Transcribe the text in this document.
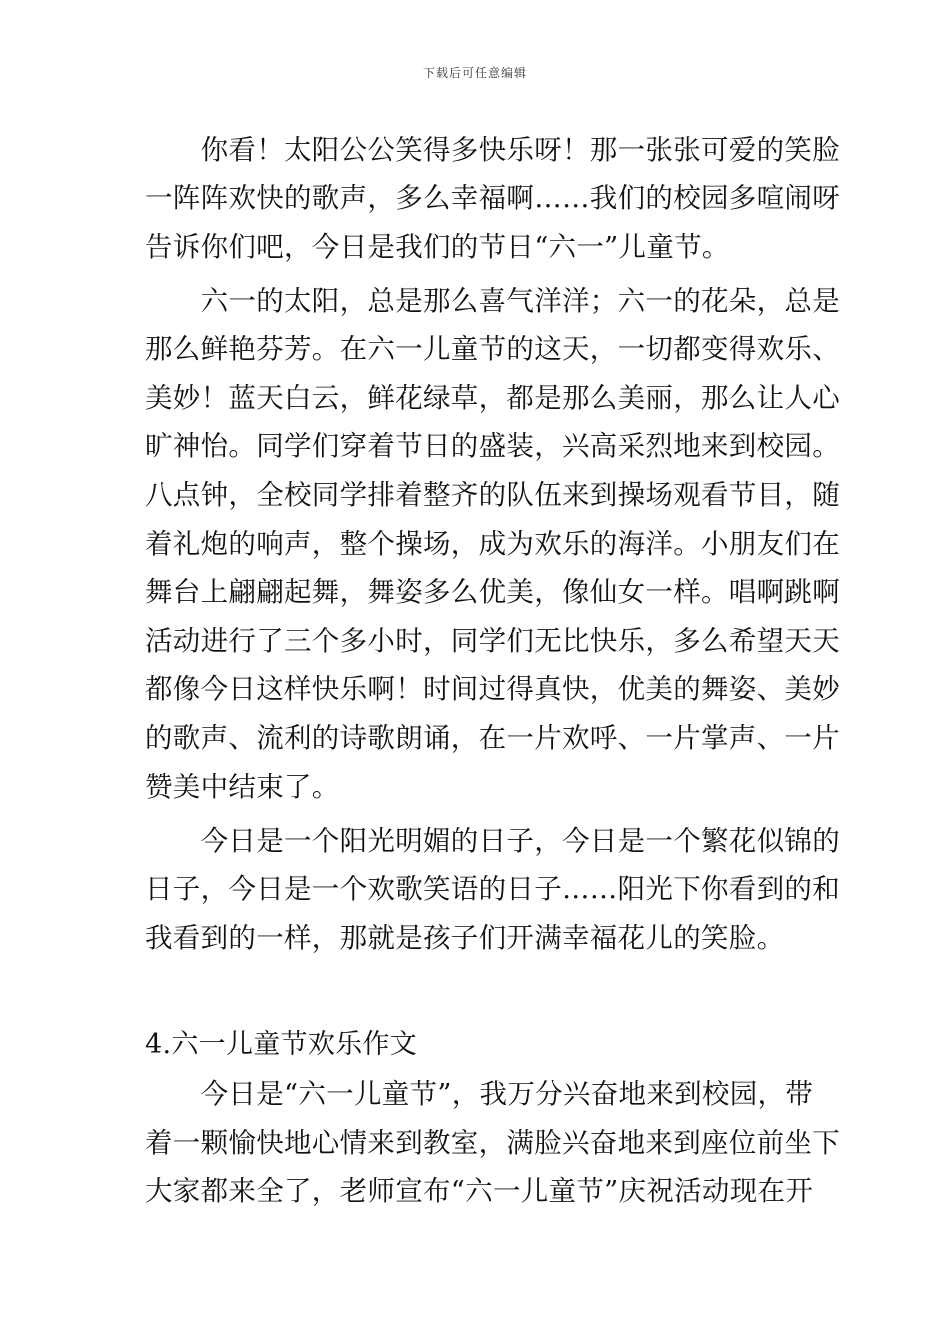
下载后可任意编辑
　　你看！太阳公公笑得多快乐呀！那一张张可爱的笑脸
一阵阵欢快的歌声，多么幸福啊……我们的校园多喧闹呀
告诉你们吧，今日是我们的节日“六一”儿童节。
　　六一的太阳，总是那么喜气洋洋；六一的花朵，总是
那么鲜艳芬芳。在六一儿童节的这天，一切都变得欢乐、
美妙！蓝天白云，鲜花绿草，都是那么美丽，那么让人心
旷神怡。同学们穿着节日的盛装，兴高采烈地来到校园。
八点钟，全校同学排着整齐的队伍来到操场观看节目，随
着礼炮的响声，整个操场，成为欢乐的海洋。小朋友们在
舞台上翩翩起舞，舞姿多么优美，像仙女一样。唱啊跳啊
活动进行了三个多小时，同学们无比快乐，多么希望天天
都像今日这样快乐啊！时间过得真快，优美的舞姿、美妙
的歌声、流利的诗歌朗诵，在一片欢呼、一片掌声、一片
赞美中结束了。
　　今日是一个阳光明媚的日子，今日是一个繁花似锦的
日子，今日是一个欢歌笑语的日子……阳光下你看到的和
我看到的一样，那就是孩子们开满幸福花儿的笑脸。
4.六一儿童节欢乐作文
　　今日是“六一儿童节”，我万分兴奋地来到校园，带
着一颗愉快地心情来到教室，满脸兴奋地来到座位前坐下
大家都来全了，老师宣布“六一儿童节”庆祝活动现在开
